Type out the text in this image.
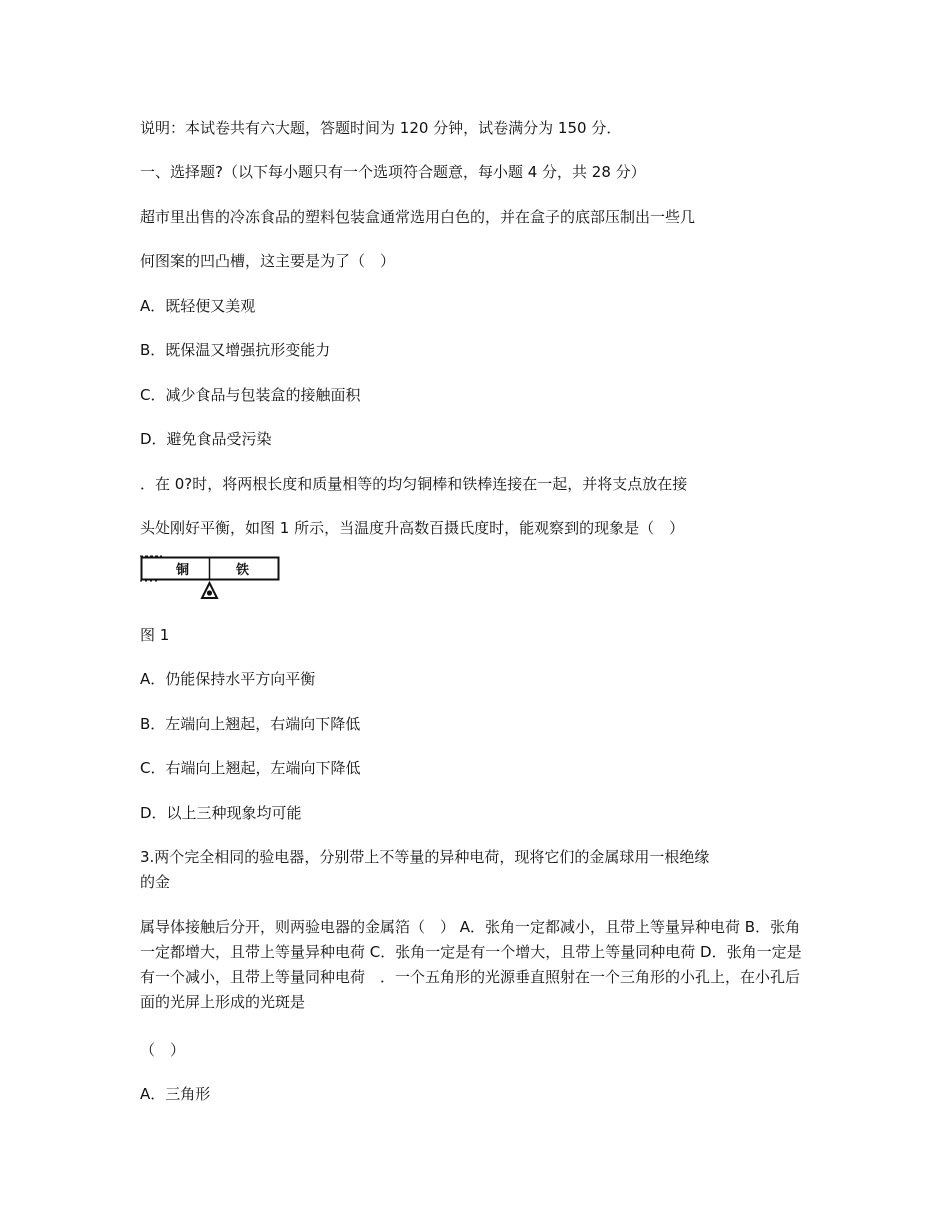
说明：本试卷共有六大题，答题时间为 120 分钟，试卷满分为 150 分．
一、选择题?（以下每小题只有一个选项符合题意，每小题 4 分，共 28 分）
超市里出售的冷冻食品的塑料包装盒通常选用白色的，并在盒子的底部压制出一些几
何图案的凹凸槽，这主要是为了（　）
A．既轻便又美观
B．既保温又增强抗形变能力
C．减少食品与包装盒的接触面积
D．避免食品受污染
．在 0?时，将两根长度和质量相等的均匀铜棒和铁棒连接在一起，并将支点放在接
头处刚好平衡，如图 1 所示，当温度升高数百摄氏度时，能观察到的现象是（　）
铜	铁
图 1
A．仍能保持水平方向平衡
B．左端向上翘起，右端向下降低
C．右端向上翘起，左端向下降低
D．以上三种现象均可能
3.两个完全相同的验电器，分别带上不等量的异种电荷，现将它们的金属球用一根绝缘
的金
属导体接触后分开，则两验电器的金属箔（　） A．张角一定都减小，且带上等量异种电荷 B．张角一定都增大，且带上等量异种电荷 C．张角一定是有一个增大，且带上等量同种电荷 D．张角一定是有一个减小，且带上等量同种电荷　．一个五角形的光源垂直照射在一个三角形的小孔上，在小孔后面的光屏上形成的光斑是
（　）
A．三角形
